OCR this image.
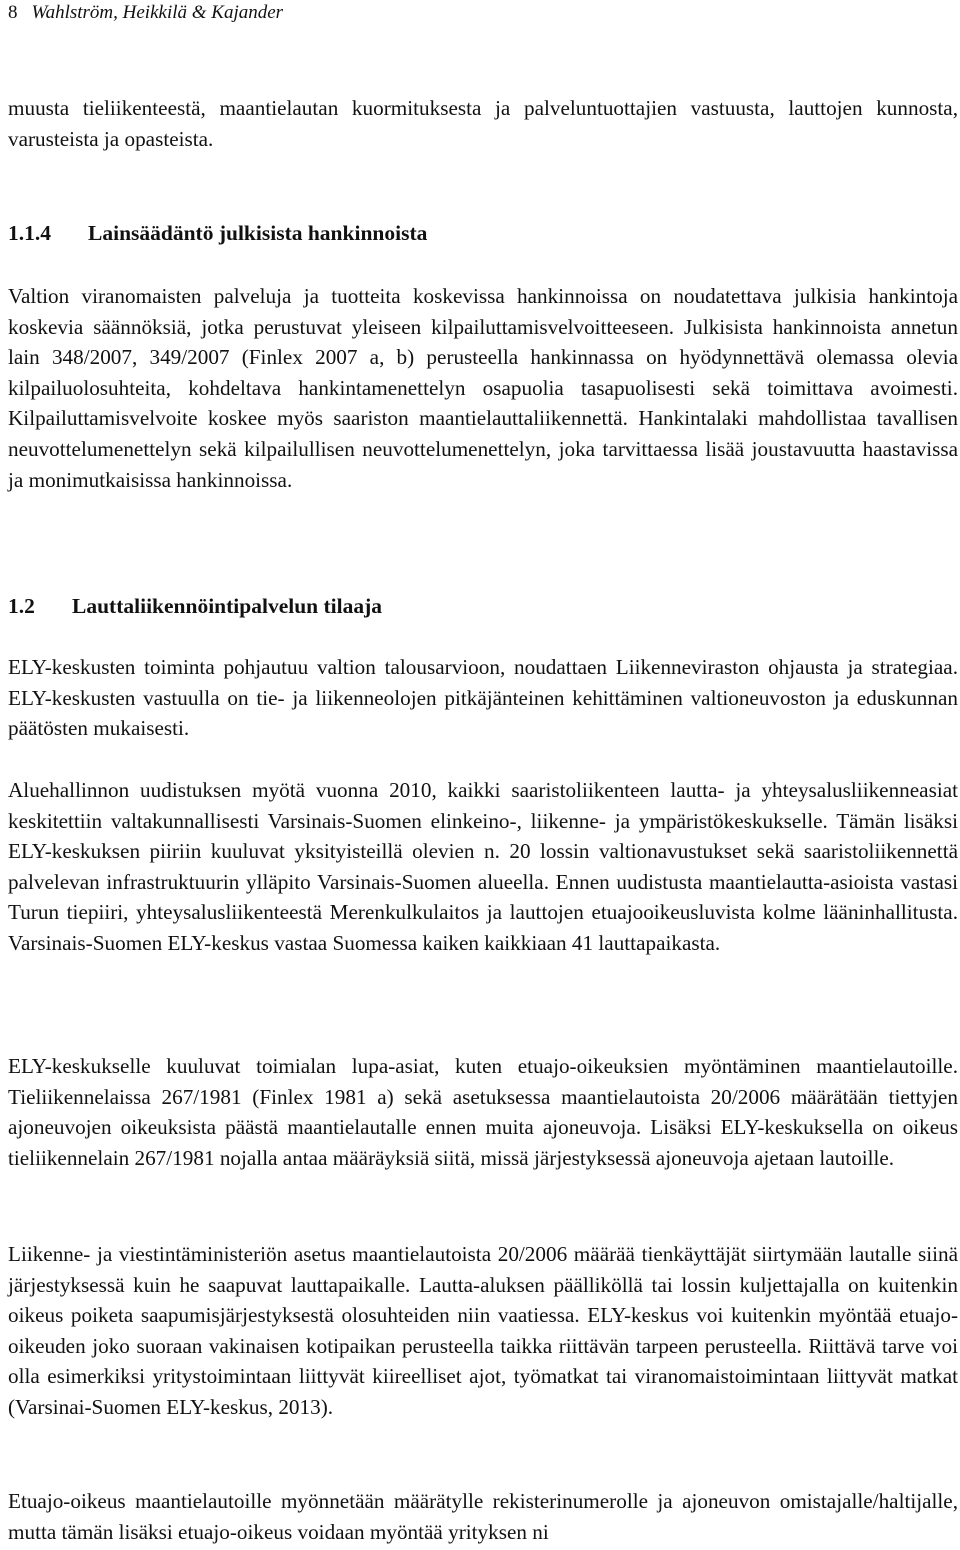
8 Wahlström, Heikkilä & Kajander

muusta tieliikenteestä, maantielautan kuormituksesta ja palveluntuottajien vastuusta, lauttojen kunnosta, varusteista ja opasteista.

1.1.4 Lainsäädäntö julkisista hankinnoista

Valtion viranomaisten palveluja ja tuotteita koskevissa hankinnoissa on noudatettava julkisia hankintoja koskevia säännöksiä, jotka perustuvat yleiseen kilpailuttamisvelvoitteeseen. Julkisista hankinnoista annetun lain 348/2007, 349/2007 (Finlex 2007 a, b) perusteella hankinnassa on hyödynnettävä olemassa olevia kilpailuolosuhteita, kohdeltava hankintamenettelyn osapuolia tasapuolisesti sekä toimittava avoimesti. Kilpailuttamisvelvoite koskee myös saariston maantielauttaliikennettä. Hankintalaki mahdollistaa tavallisen neuvottelumenettelyn sekä kilpailullisen neuvottelumenettelyn, joka tarvittaessa lisää joustavuutta haastavissa ja monimutkaisissa hankinnoissa.

1.2 Lauttaliikennöintipalvelun tilaaja

ELY-keskusten toiminta pohjautuu valtion talousarvioon, noudattaen Liikenneviraston ohjausta ja strategiaa. ELY-keskusten vastuulla on tie- ja liikenneolojen pitkäjänteinen kehittäminen valtioneuvoston ja eduskunnan päätösten mukaisesti.

Aluehallinnon uudistuksen myötä vuonna 2010, kaikki saaristoliikenteen lautta- ja yhteysalusliikenneasiat keskitettiin valtakunnallisesti Varsinais-Suomen elinkeino-, liikenne- ja ympäristökeskukselle. Tämän lisäksi ELY-keskuksen piiriin kuuluvat yksityisteillä olevien n. 20 lossin valtionavustukset sekä saaristoliikennettä palvelevan infrastruktuurin ylläpito Varsinais-Suomen alueella. Ennen uudistusta maantielautta-asioista vastasi Turun tiepiiri, yhteysalusliikenteestä Merenkulkulaitos ja lauttojen etuajooikeusluvista kolme lääninhallitusta. Varsinais-Suomen ELY-keskus vastaa Suomessa kaiken kaikkiaan 41 lauttapaikasta.

ELY-keskukselle kuuluvat toimialan lupa-asiat, kuten etuajo-oikeuksien myöntäminen maantielautoille. Tieliikennelaissa 267/1981 (Finlex 1981 a) sekä asetuksessa maantielautoista 20/2006 määrätään tiettyjen ajoneuvojen oikeuksista päästä maantielautalle ennen muita ajoneuvoja. Lisäksi ELY-keskuksella on oikeus tieliikennelain 267/1981 nojalla antaa määräyksiä siitä, missä järjestyksessä ajoneuvoja ajetaan lautoille.

Liikenne- ja viestintäministeriön asetus maantielautoista 20/2006 määrää tienkäyttäjät siirtymään lautalle siinä järjestyksessä kuin he saapuvat lauttapaikalle. Lautta-aluksen päälliköllä tai lossin kuljettajalla on kuitenkin oikeus poiketa saapumisjärjestyksestä olosuhteiden niin vaatiessa. ELY-keskus voi kuitenkin myöntää etuajo-oikeuden joko suoraan vakinaisen kotipaikan perusteella taikka riittävän tarpeen perusteella. Riittävä tarve voi olla esimerkiksi yritystoimintaan liittyvät kiireelliset ajot, työmatkat tai viranomaistoimintaan liittyvät matkat (Varsinai-Suomen ELY-keskus, 2013).

Etuajo-oikeus maantielautoille myönnetään määrätylle rekisterinumerolle ja ajoneuvon omistajalle/haltijalle, mutta tämän lisäksi etuajo-oikeus voidaan myöntää yrityksen ni
